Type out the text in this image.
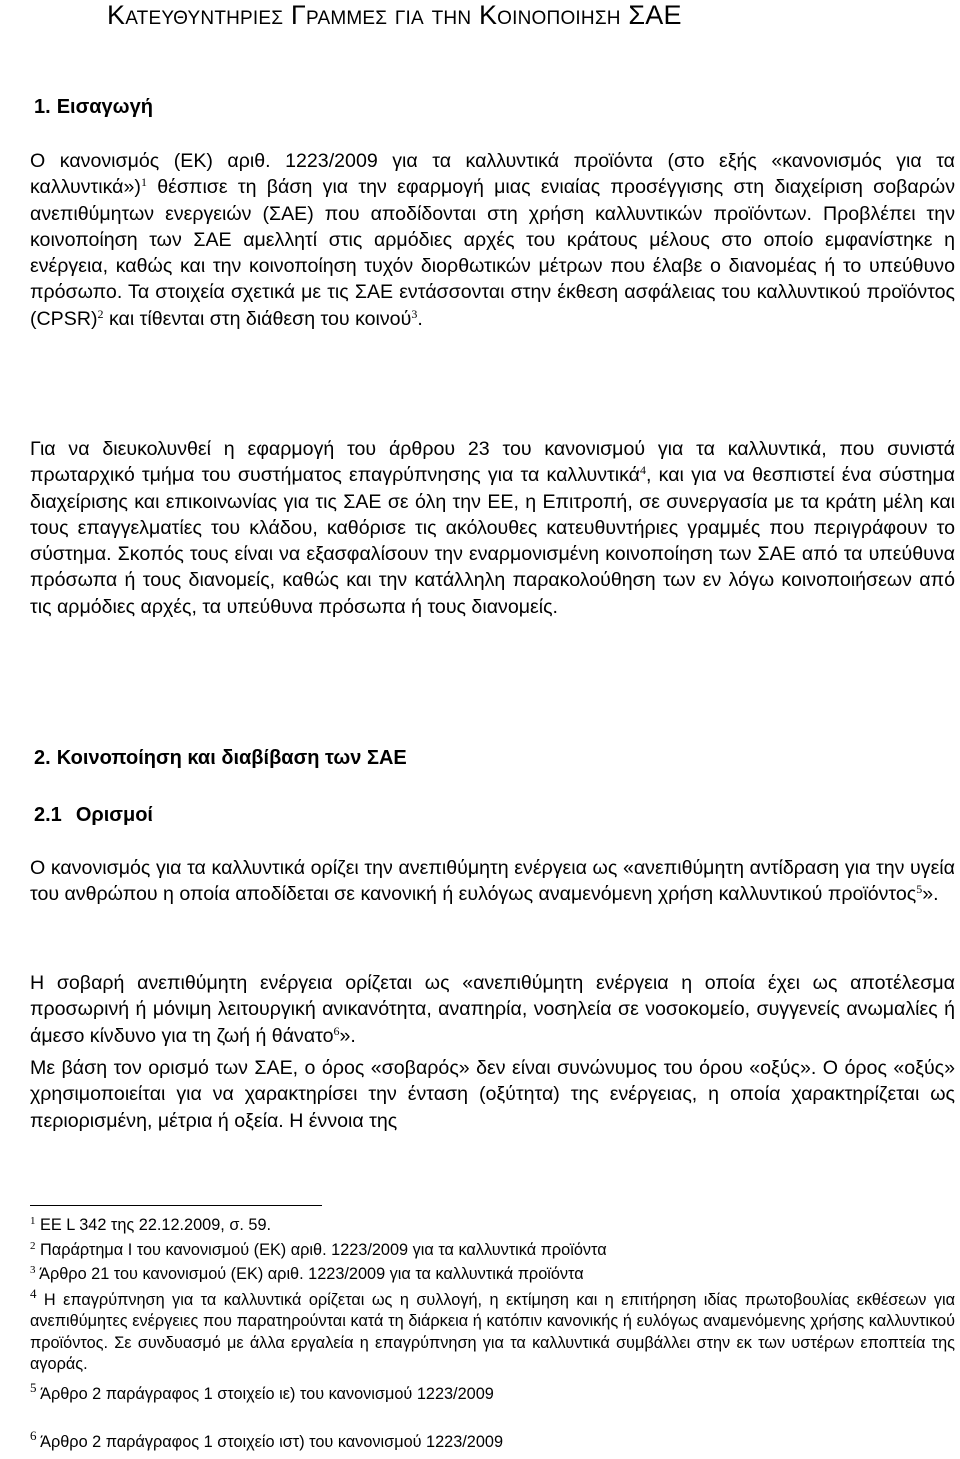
Κατευθυντηριεσ Γραμμεσ για την Κοινοποιηση ΣΑΕ
1. Εισαγωγή

Ο κανονισμός (ΕΚ) αριθ. 1223/2009 για τα καλλυντικά προϊόντα (στο εξής «κανονισμός για τα καλλυντικά»)$^1$ θέσπισε τη βάση για την εφαρμογή μιας ενιαίας προσέγγισης στη διαχείριση σοβαρών ανεπιθύμητων ενεργειών (ΣΑΕ) που αποδίδονται στη χρήση καλλυντικών προϊόντων. Προβλέπει την κοινοποίηση των ΣΑΕ αμελλητί στις αρμόδιες αρχές του κράτους μέλους στο οποίο εμφανίστηκε η ενέργεια, καθώς και την κοινοποίηση τυχόν διορθωτικών μέτρων που έλαβε ο διανομέας ή το υπεύθυνο πρόσωπο. Τα στοιχεία σχετικά με τις ΣΑΕ εντάσσονται στην έκθεση ασφάλειας του καλλυντικού προϊόντος (CPSR)$^2$ και τίθενται στη διάθεση του κοινού$^3$.

Για να διευκολυνθεί η εφαρμογή του άρθρου 23 του κανονισμού για τα καλλυντικά, που συνιστά πρωταρχικό τμήμα του συστήματος επαγρύπνησης για τα καλλυντικά$^4$, και για να θεσπιστεί ένα σύστημα διαχείρισης και επικοινωνίας για τις ΣΑΕ σε όλη την ΕΕ, η Επιτροπή, σε συνεργασία με τα κράτη μέλη και τους επαγγελματίες του κλάδου, καθόρισε τις ακόλουθες κατευθυντήριες γραμμές που περιγράφουν το σύστημα. Σκοπός τους είναι να εξασφαλίσουν την εναρμονισμένη κοινοποίηση των ΣΑΕ από τα υπεύθυνα πρόσωπα ή τους διανομείς, καθώς και την κατάλληλη παρακολούθηση των εν λόγω κοινοποιήσεων από τις αρμόδιες αρχές, τα υπεύθυνα πρόσωπα ή τους διανομείς.

2. Κοινοποίηση και διαβίβαση των ΣΑΕ
2.1 Ορισμοί

Ο κανονισμός για τα καλλυντικά ορίζει την ανεπιθύμητη ενέργεια ως «ανεπιθύμητη αντίδραση για την υγεία του ανθρώπου η οποία αποδίδεται σε κανονική ή ευλόγως αναμενόμενη χρήση καλλυντικού προϊόντος$^5$».

Η σοβαρή ανεπιθύμητη ενέργεια ορίζεται ως «ανεπιθύμητη ενέργεια η οποία έχει ως αποτέλεσμα προσωρινή ή μόνιμη λειτουργική ανικανότητα, αναπηρία, νοσηλεία σε νοσοκομείο, συγγενείς ανωμαλίες ή άμεσο κίνδυνο για τη ζωή ή θάνατο$^6$».

Με βάση τον ορισμό των ΣΑΕ, ο όρος «σοβαρός» δεν είναι συνώνυμος του όρου «οξύς». Ο όρος «οξύς» χρησιμοποιείται για να χαρακτηρίσει την ένταση (οξύτητα) της ενέργειας, η οποία χαρακτηρίζεται ως περιορισμένη, μέτρια ή οξεία. Η έννοια της

$^1$ ΕΕ L 342 της 22.12.2009, σ. 59.

$^2$ Παράρτημα I του κανονισμού (ΕΚ) αριθ. 1223/2009 για τα καλλυντικά προϊόντα

$^3$ Άρθρο 21 του κανονισμού (ΕΚ) αριθ. 1223/2009 για τα καλλυντικά προϊόντα

$^4$ Η επαγρύπνηση για τα καλλυντικά ορίζεται ως η συλλογή, η εκτίμηση και η επιτήρηση ιδίας πρωτοβουλίας εκθέσεων για ανεπιθύμητες ενέργειες που παρατηρούνται κατά τη διάρκεια ή κατόπιν κανονικής ή ευλόγως αναμενόμενης χρήσης καλλυντικού προϊόντος. Σε συνδυασμό με άλλα εργαλεία η επαγρύπνηση για τα καλλυντικά συμβάλλει στην εκ των υστέρων εποπτεία της αγοράς.

$^5$ Άρθρο 2 παράγραφος 1 στοιχείο ιε) του κανονισμού 1223/2009

$^6$ Άρθρο 2 παράγραφος 1 στοιχείο ιστ) του κανονισμού 1223/2009
